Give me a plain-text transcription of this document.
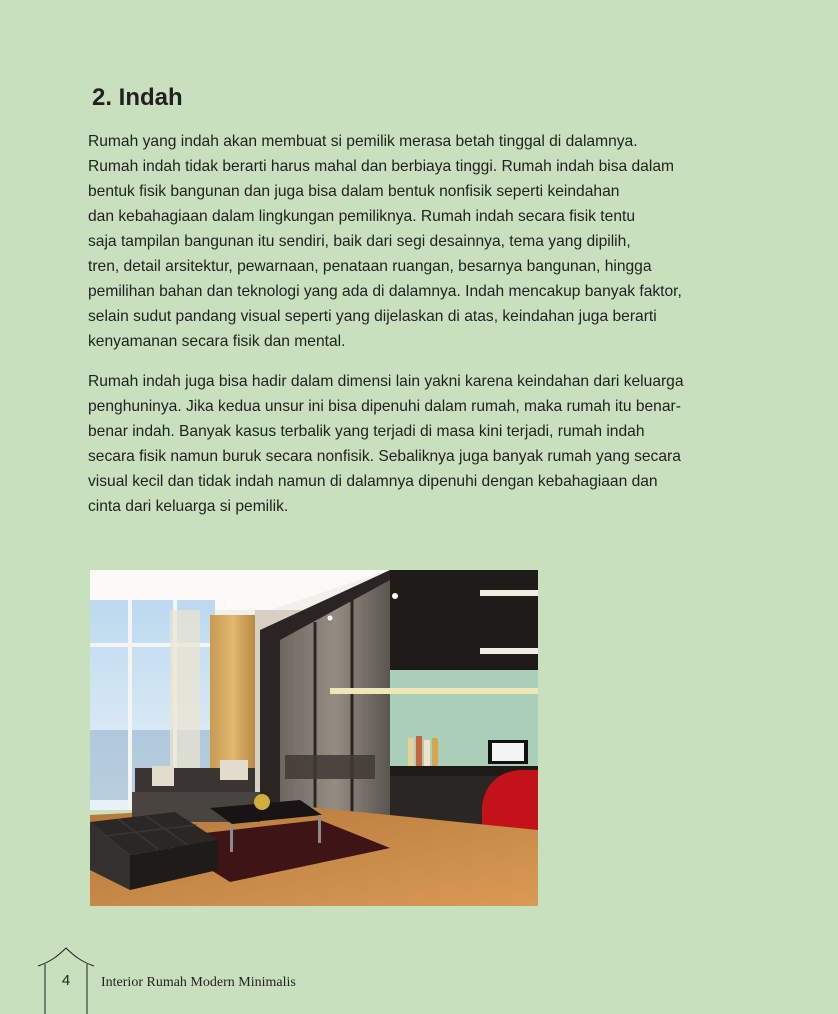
2. Indah

Rumah yang indah akan membuat si pemilik merasa betah tinggal di dalamnya.
Rumah indah tidak berarti harus mahal dan berbiaya tinggi. Rumah indah bisa dalam
bentuk fisik bangunan dan juga bisa dalam bentuk nonfisik seperti keindahan
dan kebahagiaan dalam lingkungan pemiliknya. Rumah indah secara fisik tentu
saja tampilan bangunan itu sendiri, baik dari segi desainnya, tema yang dipilih,
tren, detail arsitektur, pewarnaan, penataan ruangan, besarnya bangunan, hingga
pemilihan bahan dan teknologi yang ada di dalamnya. Indah mencakup banyak faktor,
selain sudut pandang visual seperti yang dijelaskan di atas, keindahan juga berarti
kenyamanan secara fisik dan mental.

Rumah indah juga bisa hadir dalam dimensi lain yakni karena keindahan dari keluarga
penghuninya. Jika kedua unsur ini bisa dipenuhi dalam rumah, maka rumah itu benar-
benar indah. Banyak kasus terbalik yang terjadi di masa kini terjadi, rumah indah
secara fisik namun buruk secara nonfisik. Sebaliknya juga banyak rumah yang secara
visual kecil dan tidak indah namun di dalamnya dipenuhi dengan kebahagiaan dan
cinta dari keluarga si pemilik.

4	Interior Rumah Modern Minimalis
